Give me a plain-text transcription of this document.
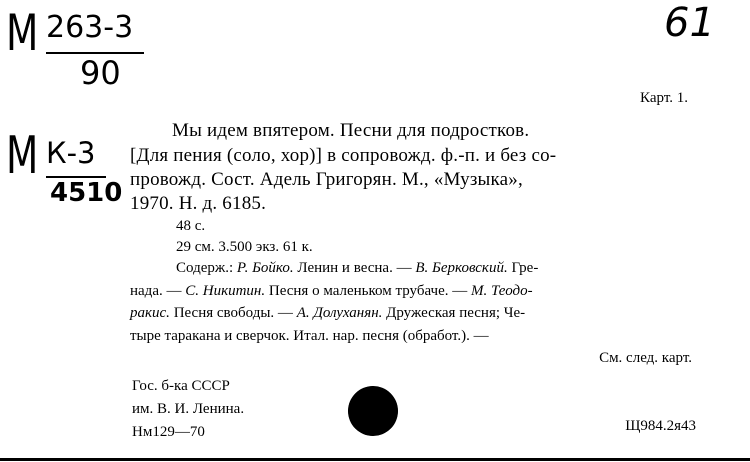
М 263-3
90
М К-3
4510
61
Карт. 1.
Мы идем впятером. Песни для подростков.
[Для пения (соло, хор)] в сопровожд. ф.-п. и без со-
провожд. Сост. Адель Григорян. М., «Музыка»,
1970. Н. д. 6185.
48 с.
29 см. 3.500 экз. 61 к.
Содерж.: Р. Бойко. Ленин и весна. — В. Берковский. Гре-
нада. — С. Никитин. Песня о маленьком трубаче. — М. Теодо-
ракис. Песня свободы. — А. Долуханян. Дружеская песня; Че-
тыре таракана и сверчок. Итал. нар. песня (обработ.). —
См. след. карт.
Гос. б-ка СССР
им. В. И. Ленина.
Нм129—70	Щ984.2я43
